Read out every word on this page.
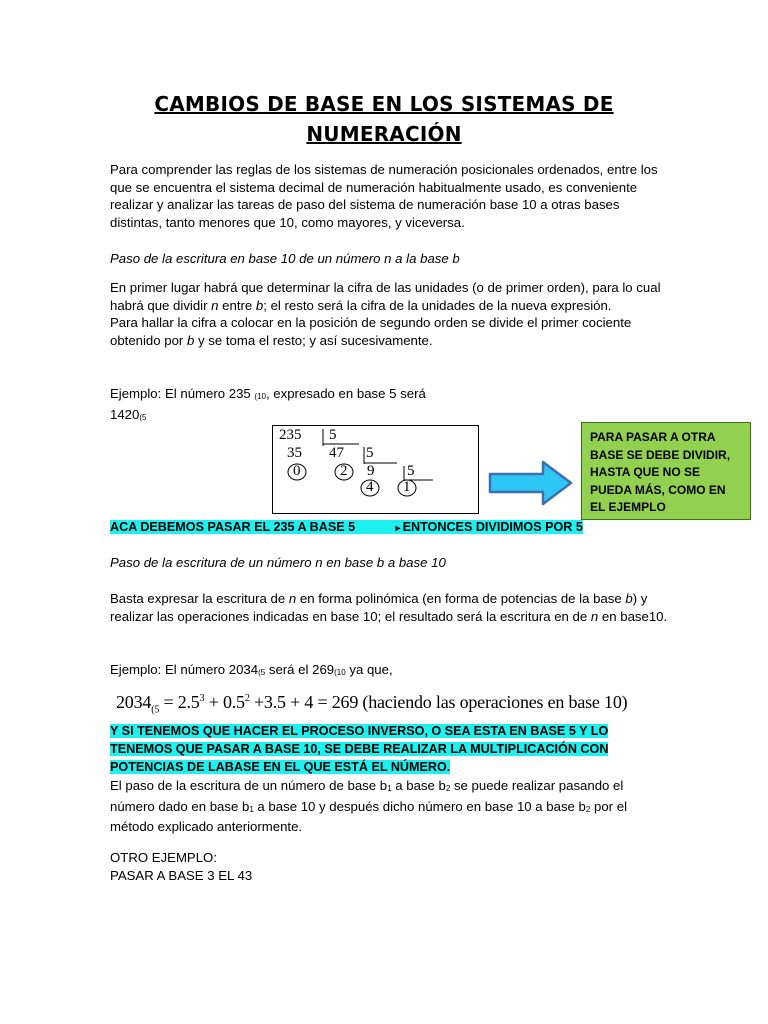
CAMBIOS DE BASE EN LOS SISTEMAS DE
NUMERACIÓN

Para comprender las reglas de los sistemas de numeración posicionales ordenados, entre los que se encuentra el sistema decimal de numeración habitualmente usado, es conveniente realizar y analizar las tareas de paso del sistema de numeración base 10 a otras bases distintas, tanto menores que 10, como mayores, y viceversa.

Paso de la escritura en base 10 de un número n a la base b

En primer lugar habrá que determinar la cifra de las unidades (o de primer orden), para lo cual habrá que dividir n entre b; el resto será la cifra de la unidades de la nueva expresión.
Para hallar la cifra a colocar en la posición de segundo orden se divide el primer cociente obtenido por b y se toma el resto; y así sucesivamente.

Ejemplo: El número 235 $_{(10}$, expresado en base 5 será
$1420_{(5}$

235 5
35 47 5
0	2 9 5
4 1
PARA PASAR A OTRA BASE SE DEBE DIVIDIR, HASTA QUE NO SE PUEDA MÁS, COMO EN EL EJEMPLO
ACA DEBEMOS PASAR EL 235 A BASE 5	►ENTONCES DIVIDIMOS POR 5

Paso de la escritura de un número n en base b a base 10

Basta expresar la escritura de n en forma polinómica (en forma de potencias de la base b) y realizar las operaciones indicadas en base 10; el resultado será la escritura en de n en base10.

Ejemplo: El número $2034_{(5}$ será el $269_{(10}$ ya que,

$2034_{(5} = 2.5^3 + 0.5^2 +3.5 + 4 = 269$ (haciendo las operaciones en base 10)

Y SI TENEMOS QUE HACER EL PROCESO INVERSO, O SEA ESTA EN BASE 5 Y LO TENEMOS QUE PASAR A BASE 10, SE DEBE REALIZAR LA MULTIPLICACIÓN CON POTENCIAS DE LABASE EN EL QUE ESTÁ EL NÚMERO.

El paso de la escritura de un número de base $b_1$ a base $b_2$ se puede realizar pasando el número dado en base $b_1$ a base 10 y después dicho número en base 10 a base $b_2$ por el método explicado anteriormente.

OTRO EJEMPLO:
PASAR A BASE 3 EL 43
